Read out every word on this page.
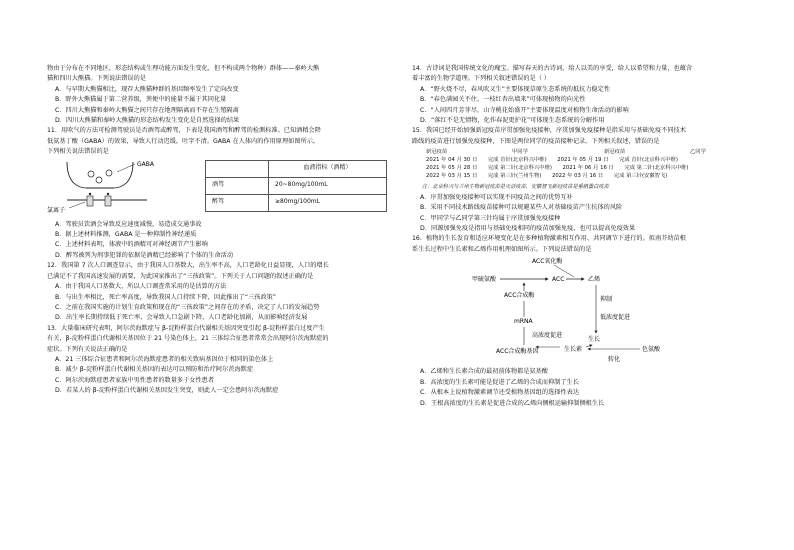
物由于分布在不同地区，形态结构或生理功能方面发生变化，但不构成两个物种）群体——秦岭大熊

猫和四川大熊猫。下列说法错误的是

A．与早期大熊猫相比，现存大熊猫种群的基因频率发生了定向改变

B．野外大熊猫属于第二营养级，粪便中的能量不属于其同化量

C．四川大熊猫和秦岭大熊猫之间只存在地理隔离而不存在生殖隔离

D．四川大熊猫和秦岭大熊猫的形态结构发生变化是自然选择的结果

11．用吹气的方法可检测驾驶员是否酒驾或醉驾，下表是我国酒驾和醉驾的检测标准。已知酒精会降

低氨基丁酸（GABA）的效果，导致人行动迟缓，吐字不清。GABA 在人体内的作用原理如图所示。

下列相关说法错误的是

GABA
氯离子
	血液指标（酒精）
酒驾	20~80mg/100mL
醉驾	≥80mg/100mL

A．驾驶员饮酒会导致反应速度减慢，易造成交通事故

B．据上述材料推测，GABA 是一种抑制性神经递质

C．上述材料表明，体液中的酒精可对神经调节产生影响

D．醉驾被列为刑事犯罪的依据是酒精已经影响了个体的生命活动

12．我国第 7 次人口调查显示，由于我国人口基数大，出生率不高，人口老龄化日益显现，人口的增长

已满足不了我国高速发展的需要，为此国家推出了“三孩政策”。下列关于人口问题的叙述正确的是

A．由于我国人口基数大，所以人口调查常采用的是估算的方法

B．与出生率相比，死亡率高度，导致我国人口持续下降，因此推出了“三孩政策”

C．之前在我国实施的计划生育政策和现在的“三孩政策”之间存在的矛盾，决定了人口的发展趋势

D．出生率长期持续低于死亡率，会导致人口急剧下降，人口老龄化加剧，从而影响经济发展

13．大量临床研究表明，阿尔茨海默症与 β-淀粉样蛋白代谢相关基因突变引起 β-淀粉样蛋白过度产生

有关，β-淀粉样蛋白代谢相关基因位于 21 号染色体上，21 三体综合征患者常常会出现阿尔茨海默症的

症状。下列有关说法正确的是

A．21 三体综合征患者和阿尔茨海默症患者的相关致病基因位于相同的染色体上

B．减少 β-淀粉样蛋白代谢相关基因的表达可以预防和治疗阿尔茨海默症

C．阿尔茨海默症患者家族中男性患者的数量多于女性患者

D．若某人的 β-淀粉样蛋白代谢相关基因发生突变，则此人一定会患阿尔茨海默症

14．古诗词是我国传统文化的瑰宝。描写春天的古诗词，给人以美的享受，给人以希望和力量，也蕴含

着丰富的生物学道理。下列相关叙述错误的是（ ）

A．“野火烧不尽，春风吹又生”主要体现草原生态系统的抵抗力稳定性

B．“春色满园关不住，一枝红杏出墙来”可体现植物的向光性

C．“人间四月芳菲尽，山寺桃花始盛开”主要体现温度对植物生命活动的影响

D．“落红不是无情物，化作春泥更护花”可体现生态系统的分解作用

15．我国已经开始加强新冠疫苗序贯加强免疫接种，序贯加强免疫接种是指采用与基础免疫不同技术

路线的疫苗进行加强免疫接种，下图是两位同学的疫苗接种记录。下列相关叙述，错误的是

新冠疫苗	甲同学	新冠疫苗	乙同学
2021 年 04 月 30 日　　完成 首针(北京科兴中维)　　2021 年 05 月 19 日　　完成 首针(北京科兴中维)
2021 年 05 月 28 日　　完成 第二针(北京科兴中维)　　2021 年 06 月 16 日　　完成 第二针(北京科兴中维)
2022 年 03 月 15 日　　完成 第三针(兰州生物)　　2022 年 03 月 16 日　　完成 第三针(安徽智飞)

注：北京科兴与兰州生物新冠疫苗是灭活疫苗，安徽智飞新冠疫苗是重组蛋白疫苗

A．序贯加强免疫接种可以实现不同疫苗之间的优势互补

B．采用不同技术路线疫苗接种可以规避某些人对基础疫苗产生抗体的风险

C．甲同学与乙同学第三针均属于序贯加强免疫接种

D．同源加强免疫是指用与基础免疫相同的疫苗加强免疫，也可以提高免疫效果

16．植物的生长发育和适应环境变化是在多种植物激素相互作用、共同调节下进行的。拟南芥幼苗根

系生长过程中生长素和乙烯作用机理如图所示。下列说法错误的是

ACC氧化酶
甲硫氨酸	ACC	乙烯
ACC合成酶
mRNA
ACC合成酶基因
抑制
低浓度促进
生长
高浓度促进
生长素	色氨酸
转化

A．乙烯和生长素合成的最初前体物都是氨基酸

B．高浓度的生长素可能是促进了乙烯的合成而抑制了生长

C．从根本上说植物激素调节还受植物基因组的选择性表达

D．王根高浓度的生长素是促进合成的乙烯向侧根运输抑制侧根生长
